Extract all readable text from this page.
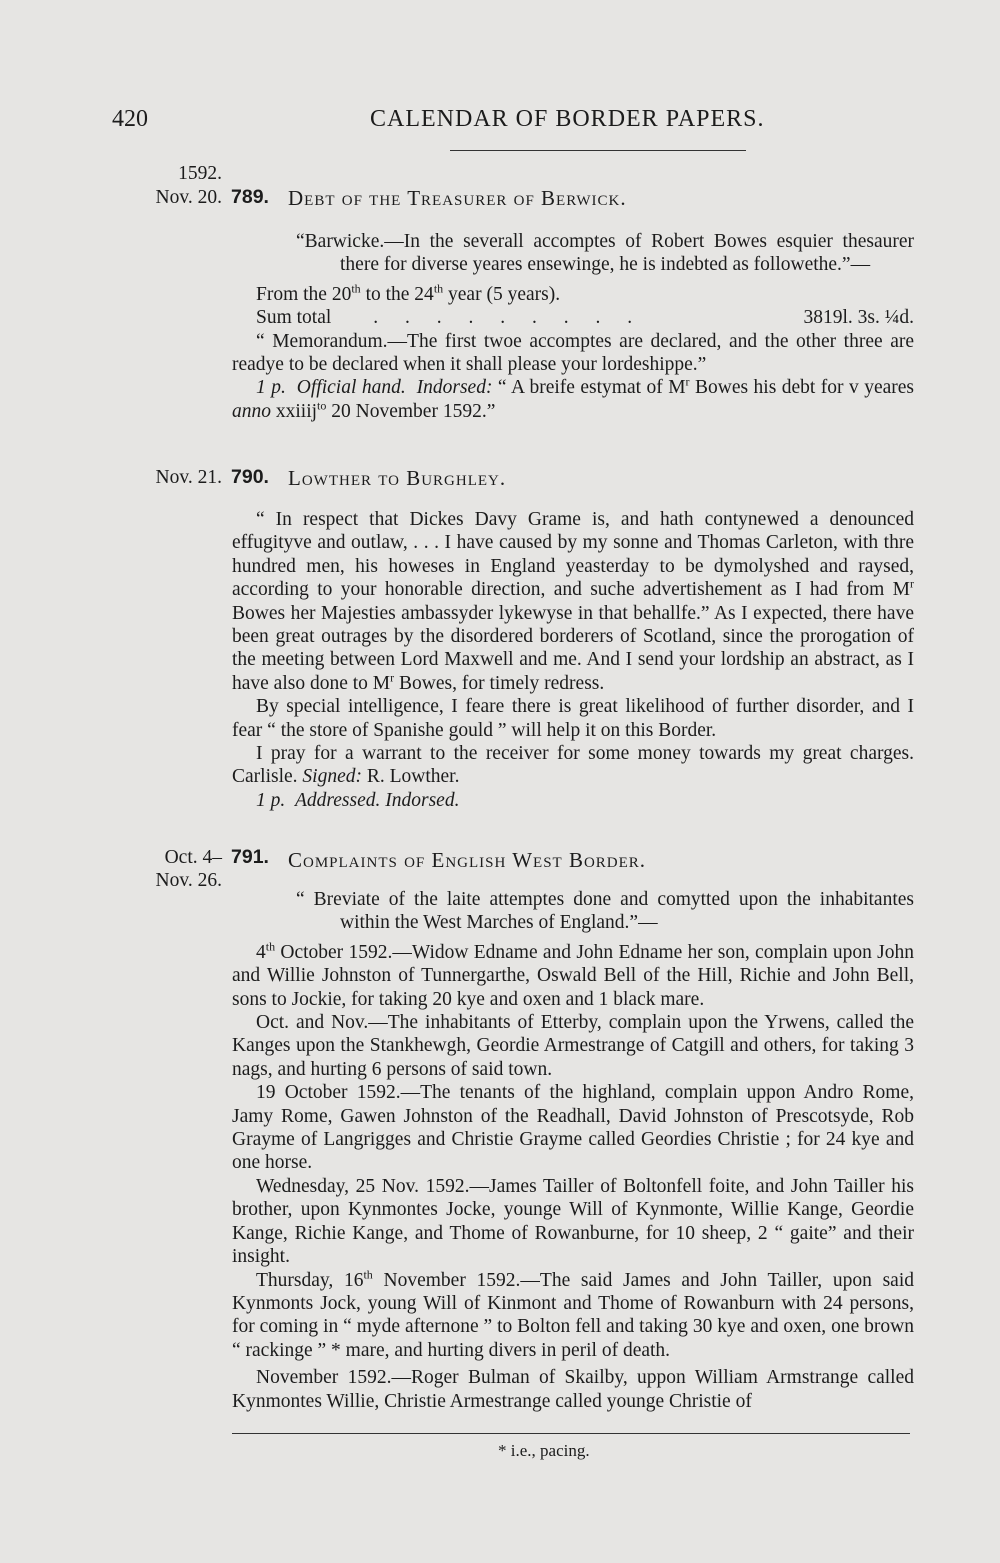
420	CALENDAR OF BORDER PAPERS.
1592.
Nov. 20. 789. Debt of the Treasurer of Berwick.

“Barwicke.—In the severall accomptes of Robert Bowes esquier thesaurer there for diverse yeares ensewinge, he is indebted as followethe.”—

From the 20th to the 24th year (5 years).

Sum total	. . . . . . . . .	3819l. 3s. ¼d.

“ Memorandum.—The first twoe accomptes are declared, and the other three are readye to be declared when it shall please your lordeshippe.”

1 p. Official hand. Indorsed: “ A breife estymat of $M^r$ Bowes his debt for v yeares anno xxiiij$^{to}$ 20 November 1592.”

Nov. 21. 790. Lowther to Burghley.

“ In respect that Dickes Davy Grame is, and hath contynewed a denounced effugityve and outlaw, . . . I have caused by my sonne and Thomas Carleton, with thre hundred men, his howeses in England yeasterday to be dymolyshed and raysed, according to your honorable direction, and suche advertishement as I had from $M^r$ Bowes her Majesties ambassyder lykewyse in that behallfe.” As I expected, there have been great outrages by the disordered borderers of Scotland, since the prorogation of the meeting between Lord Maxwell and me. And I send your lordship an abstract, as I have also done to $M^r$ Bowes, for timely redress.

By special intelligence, I feare there is great likelihood of further disorder, and I fear “ the store of Spanishe gould ” will help it on this Border.

I pray for a warrant to the receiver for some money towards my great charges. Carlisle. Signed: R. Lowther.

1 p. Addressed. Indorsed.

Oct. 4–
Nov. 26.
791. Complaints of English West Border.

“ Breviate of the laite attemptes done and comytted upon the inhabitantes within the West Marches of England.”—

4th October 1592.—Widow Edname and John Edname her son, complain upon John and Willie Johnston of Tunnergarthe, Oswald Bell of the Hill, Richie and John Bell, sons to Jockie, for taking 20 kye and oxen and 1 black mare.

Oct. and Nov.—The inhabitants of Etterby, complain upon the Yrwens, called the Kanges upon the Stankhewgh, Geordie Armestrange of Catgill and others, for taking 3 nags, and hurting 6 persons of said town.

19 October 1592.—The tenants of the highland, complain uppon Andro Rome, Jamy Rome, Gawen Johnston of the Readhall, David Johnston of Prescotsyde, Rob Grayme of Langrigges and Christie Grayme called Geordies Christie ; for 24 kye and one horse.

Wednesday, 25 Nov. 1592.—James Tailler of Boltonfell foite, and John Tailler his brother, upon Kynmontes Jocke, younge Will of Kynmonte, Willie Kange, Geordie Kange, Richie Kange, and Thome of Rowanburne, for 10 sheep, 2 “ gaite” and their insight.

Thursday, 16th November 1592.—The said James and John Tailler, upon said Kynmonts Jock, young Will of Kinmont and Thome of Rowanburn with 24 persons, for coming in “ myde afternone ” to Bolton fell and taking 30 kye and oxen, one brown “ rackinge ” * mare, and hurting divers in peril of death.

November 1592.—Roger Bulman of Skailby, uppon William Armstrange called Kynmontes Willie, Christie Armestrange called younge Christie of

* i.e., pacing.
